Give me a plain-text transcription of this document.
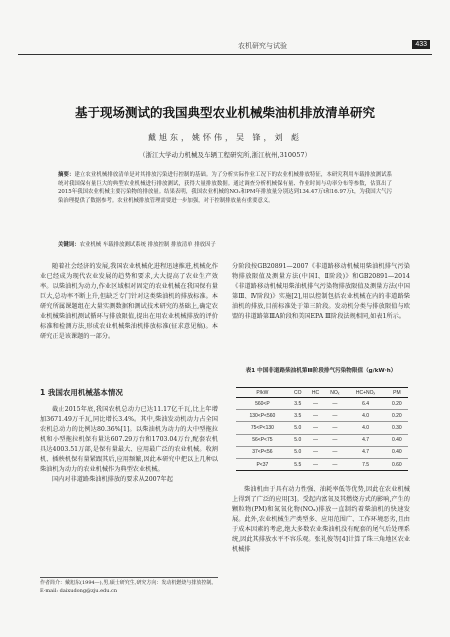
农机研究与试验	433
基于现场测试的我国典型农业机械柴油机排放清单研究
戴旭东，姚怀伟，吴 锋，刘 彪
（浙江大学动力机械及车辆工程研究所,浙江杭州,310057）
摘要：建立农业机械排放清单是对其排放污染进行控制的基础。为了分析实际作业工况下的农业机械排放特征，本研究利用车载排放测试系统对我国保有量巨大的典型农业机械进行排放测试，获得大量排放数据。通过调查分析机械保有量、作业时间与功率分布等参数，估算出了2015年我国农业机械主要污染物的排放量。结果表明，我国农业机械的NOₓ和PM年排放量分别达到134.47万t和16.97万t，为我国大气污染治理提供了数据参考。农业机械排放管理需要进一步加强，对于控制排放量有重要意义。
关键词：农业机械 车载排放测试系统 排放控制 排放清单 排放因子

随着社会经济的发展,我国农业机械化进程迅速推进,机械化作业已经成为现代农业发展的趋势和要求,大大提高了农业生产效率。以柴油机为动力,作业区域相对固定的农业机械在我国保有量巨大,总功率不断上升,但缺乏专门针对这类柴油机的排放标准。本研究所属课题组在大量实测数据和测试技术研究的基础上,确定农业机械柴油机测试循环与排放限值,提出在用农业机械排放的评价标准和检测方法,形成农业机械柴油机排放标准(征求意见稿)。本研究正是该课题的一部分。

1 我国农用机械基本情况

截止2015年底,我国农机总动力已达11.17亿千瓦,比上年增加3671.49万千瓦,同比增长3.4%。其中,柴油发动机动力占全国农机总动力的比例达80.36%[1]。以柴油机为动力的大中型拖拉机和小型拖拉机保有量达607.29万台和1703.04万台,配套农机具达4003.51万部,是保有量最大、应用最广泛的农业机械。收割机、插秧机保有量紧跟其后,应用频繁,因此本研究中把以上几种以柴油机为动力的农业机械作为典型农业机械。

国内对非道路柴油机排放的要求从2007年起

作者简介：戴旭东(1994—),男,硕士研究生,研究方向：发动机燃烧与排放控制。
E-mail: daixudong@zju.edu.cn

分阶段按GB20891—2007《非道路移动机械用柴油机排气污染物排放限值及测量方法(中国Ⅰ、Ⅱ阶段)》和GB20891—2014《非道路移动机械用柴油机排气污染物排放限值及测量方法(中国第Ⅲ、Ⅳ阶段)》实施[2],用以控制包括农业机械在内的非道路柴油机的排放,目前标准处于第三阶段。发动机分类与排放限值与欧盟的非道路第ⅢA阶段和美国EPA Ⅲ阶段法规相同,如表1所示。

表1 中国非道路柴油机第Ⅲ阶段排气污染物限值（g/kW·h）
P/kW	CO	HC	NOₓ	HC+NOₓ	PM
560<P	3.5	—	—	6.4	0.20
130<P<560	3.5	—	—	4.0	0.20
75<P<130	5.0	—	—	4.0	0.30
56<P<75	5.0	—	—	4.7	0.40
37<P<56	5.0	—	—	4.7	0.40
P<37	5.5	—	—	7.5	0.60

柴油机由于具有动力性强、油耗率低等优势,因此在农业机械上得到了广泛的应用[3]。受起内富氧及其燃烧方式的影响,产生的颗粒物(PM)和氮氧化物(NOₓ)排放一直制约着柴油机的快速发展。此外,农业机械生产类型多、应用范围广、工作环境恶劣,且由于成本因素的考虑,绝大多数农业柴油机没有配套的尾气后处理系统,因此其排放水平不容乐观。张礼俊等[4]计算了珠三角地区农业机械排
